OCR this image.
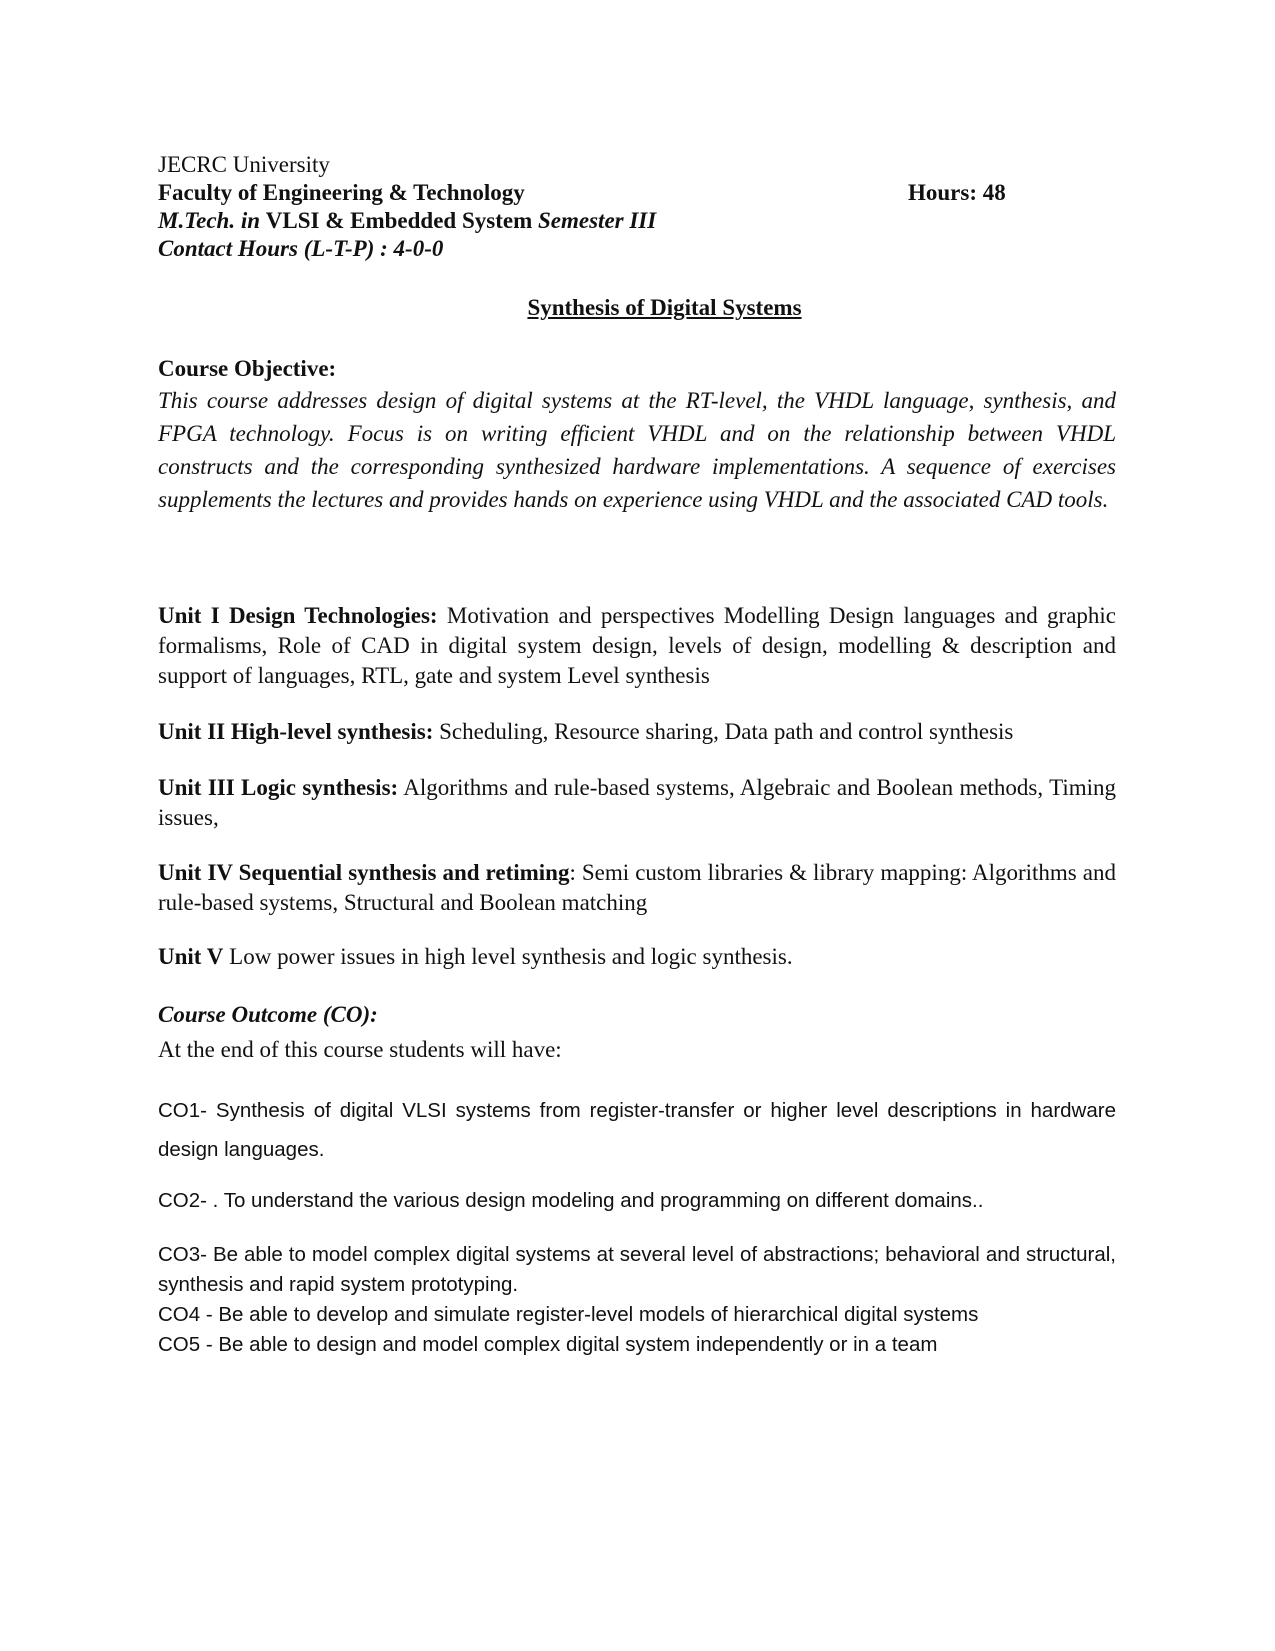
JECRC University
Faculty of Engineering & Technology	Hours: 48
M.Tech. in VLSI & Embedded System Semester III
Contact Hours (L-T-P) : 4-0-0
Synthesis of Digital Systems
Course Objective:
This course addresses design of digital systems at the RT-level, the VHDL language, synthesis, and FPGA technology. Focus is on writing efficient VHDL and on the relationship between VHDL constructs and the corresponding synthesized hardware implementations. A sequence of exercises supplements the lectures and provides hands on experience using VHDL and the associated CAD tools.
Unit I Design Technologies: Motivation and perspectives Modelling Design languages and graphic formalisms, Role of CAD in digital system design, levels of design, modelling & description and support of languages, RTL, gate and system Level synthesis
Unit II High-level synthesis: Scheduling, Resource sharing, Data path and control synthesis
Unit III Logic synthesis: Algorithms and rule-based systems, Algebraic and Boolean methods, Timing issues,
Unit IV Sequential synthesis and retiming: Semi custom libraries & library mapping: Algorithms and rule-based systems, Structural and Boolean matching
Unit V Low power issues in high level synthesis and logic synthesis.
Course Outcome (CO):
At the end of this course students will have:
CO1- Synthesis of digital VLSI systems from register-transfer or higher level descriptions in hardware design languages.
CO2- . To understand the various design modeling and programming on different domains..
CO3- Be able to model complex digital systems at several level of abstractions; behavioral and structural, synthesis and rapid system prototyping.
CO4 - Be able to develop and simulate register-level models of hierarchical digital systems
CO5 - Be able to design and model complex digital system independently or in a team
